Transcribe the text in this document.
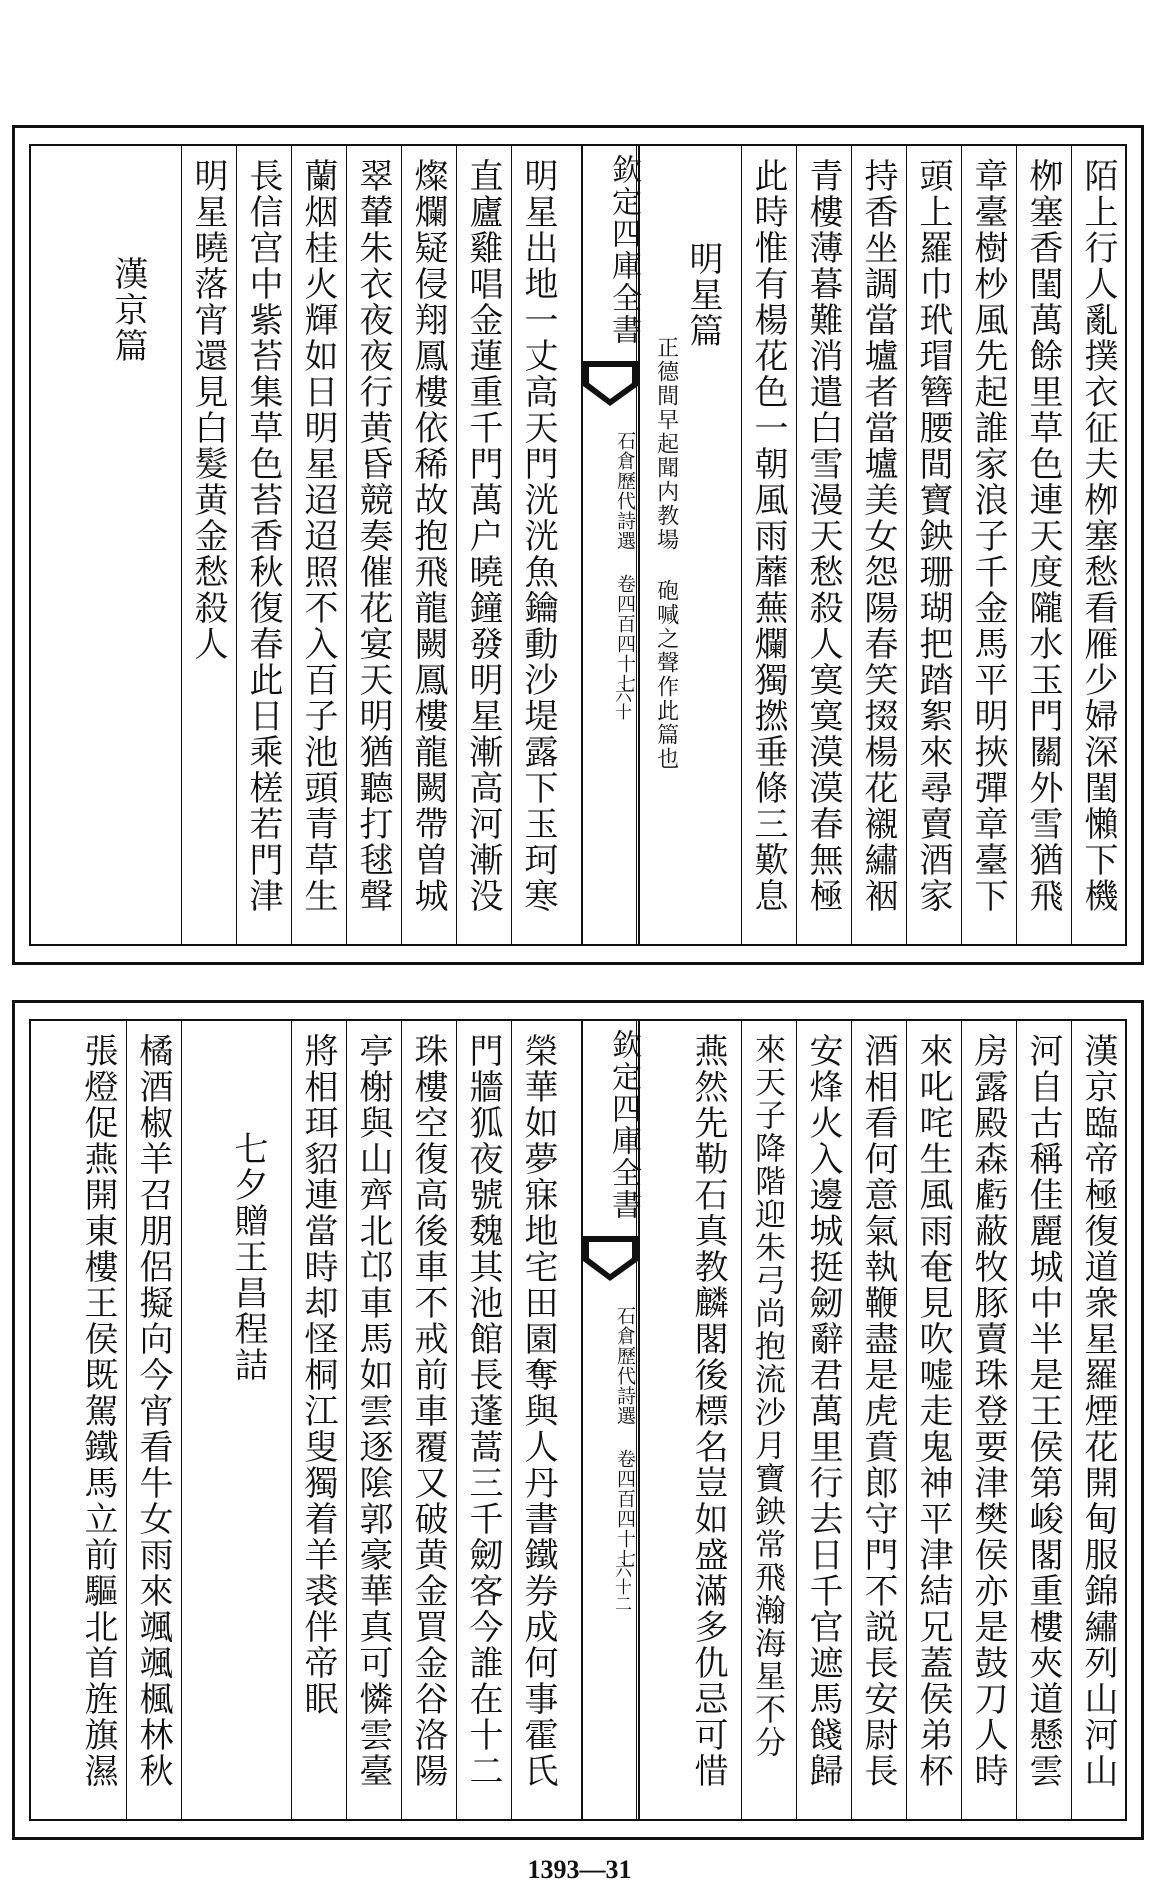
陌上行人亂撲衣征夫栁塞愁看雁少婦深閨懶下機
栁塞香閨萬餘里草色連天度隴水玉門關外雪猶飛
章臺樹杪風先起誰家浪子千金馬平明挾彈章臺下
頭上羅巾玳瑁簪腰間寶鉠珊瑚把踏絮來尋賣酒家
持香坐調當壚者當壚美女怨陽春笑掇楊花襯繡裀
青樓薄暮難消遣白雪漫天愁殺人寞寞漠漠春無極
此時惟有楊花色一朝風雨蘼蕪爛獨撚垂條三歎息
明星篇
正德間早起聞内教場 砲喊之聲作此篇也
欽定四庫全書
石倉歷代詩選 卷四百四十七
六十
明星出地一丈高天門洸洸魚鑰動沙堤露下玉珂寒
直廬雞唱金蓮重千門萬户曉鐘發明星漸高河漸没
燦爛疑侵翔鳳樓依稀故抱飛龍闕鳳樓龍闕帶曽城
翠輦朱衣夜夜行黄昏競奏催花宴天明猶聽打毬聲
蘭烟桂火輝如日明星迢迢照不入百子池頭青草生
長信宫中紫苔集草色苔香秋復春此日乘槎若門津
明星曉落宵還見白髮黄金愁殺人
漢京篇
漢京臨帝極復道衆星羅煙花開甸服錦繡列山河山
河自古稱佳麗城中半是王侯第峻閣重樓夾道懸雲
房露殿森虧蔽牧豚賣珠登要津樊侯亦是鼓刀人時
來叱咤生風雨奄見吹嘘走鬼神平津結兄蓋侯弟杯
酒相看何意氣執鞭盡是虎賁郎守門不説長安尉長
安烽火入邊城挺劒辭君萬里行去日千官遮馬餞歸
來天子降階迎朱弓尚抱流沙月寶鉠常飛瀚海星不分
燕然先勒石真教麟閣後標名豈如盛滿多仇忌可惜
欽定四庫全書
石倉歷代詩選 卷四百四十七
六十二
榮華如夢寐地宅田園奪與人丹書鐵券成何事霍氏
門牆狐夜號魏其池館長蓬蒿三千劒客今誰在十二
珠樓空復高後車不戒前車覆又破黄金買金谷洛陽
亭榭與山齊北邙車馬如雲逐隂郭豪華真可憐雲臺
將相珥貂連當時却怪桐江叟獨着羊裘伴帝眠
七夕贈王昌程詰
橘酒椒羊召朋侶擬向今宵看牛女雨來颯颯楓林秋
張燈促燕開東樓王侯既駕鐵馬立前驅北首旌旗濕
1393—31
